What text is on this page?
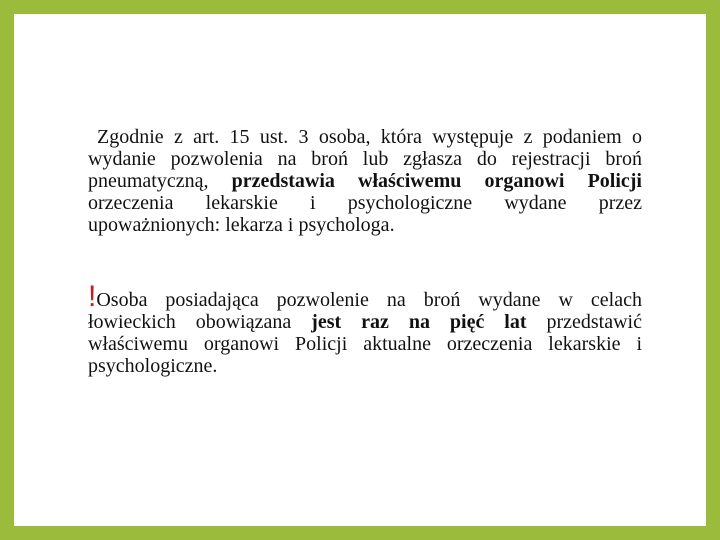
Zgodnie z art. 15 ust. 3 osoba, która występuje z podaniem o wydanie pozwolenia na broń lub zgłasza do rejestracji broń pneumatyczną, przedstawia właściwemu organowi Policji orzeczenia lekarskie i psychologiczne wydane przez upoważnionych: lekarza i psychologa.

!Osoba posiadająca pozwolenie na broń wydane w celach łowieckich obowiązana jest raz na pięć lat przedstawić właściwemu organowi Policji aktualne orzeczenia lekarskie i psychologiczne.
